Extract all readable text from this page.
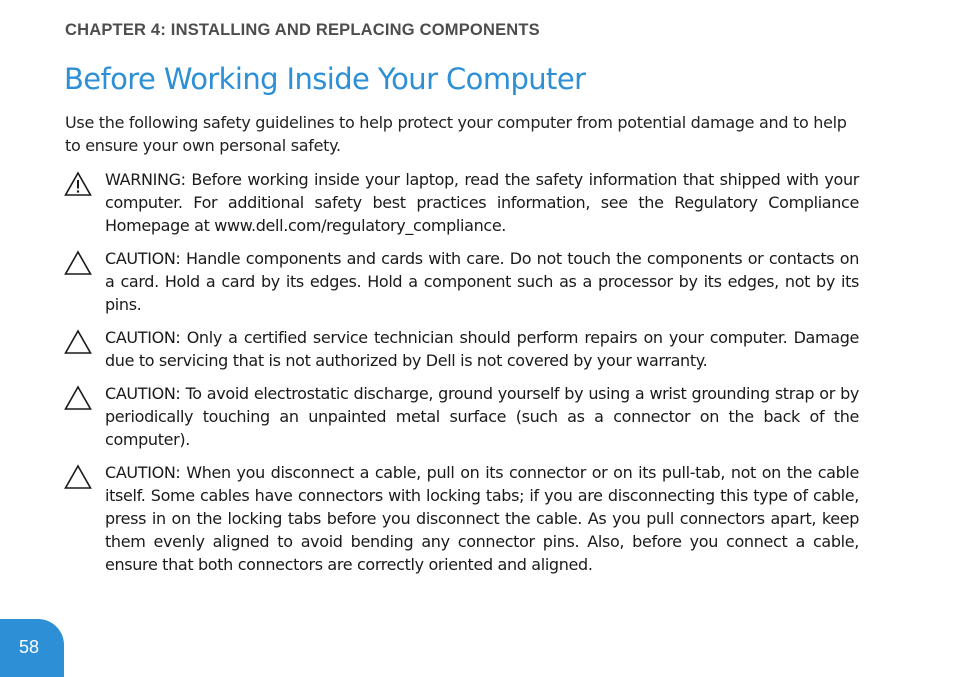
CHAPTER 4: INSTALLING AND REPLACING COMPONENTS
Before Working Inside Your Computer
Use the following safety guidelines to help protect your computer from potential damage and to help to ensure your own personal safety.
WARNING: Before working inside your laptop, read the safety information that shipped with your computer. For additional safety best practices information, see the Regulatory Compliance Homepage at www.dell.com/regulatory_compliance.
CAUTION: Handle components and cards with care. Do not touch the components or contacts on a card. Hold a card by its edges. Hold a component such as a processor by its edges, not by its pins.
CAUTION: Only a certified service technician should perform repairs on your computer. Damage due to servicing that is not authorized by Dell is not covered by your warranty.
CAUTION: To avoid electrostatic discharge, ground yourself by using a wrist grounding strap or by periodically touching an unpainted metal surface (such as a connector on the back of the computer).
CAUTION: When you disconnect a cable, pull on its connector or on its pull-tab, not on the cable itself. Some cables have connectors with locking tabs; if you are disconnecting this type of cable, press in on the locking tabs before you disconnect the cable. As you pull connectors apart, keep them evenly aligned to avoid bending any connector pins. Also, before you connect a cable, ensure that both connectors are correctly oriented and aligned.
58
